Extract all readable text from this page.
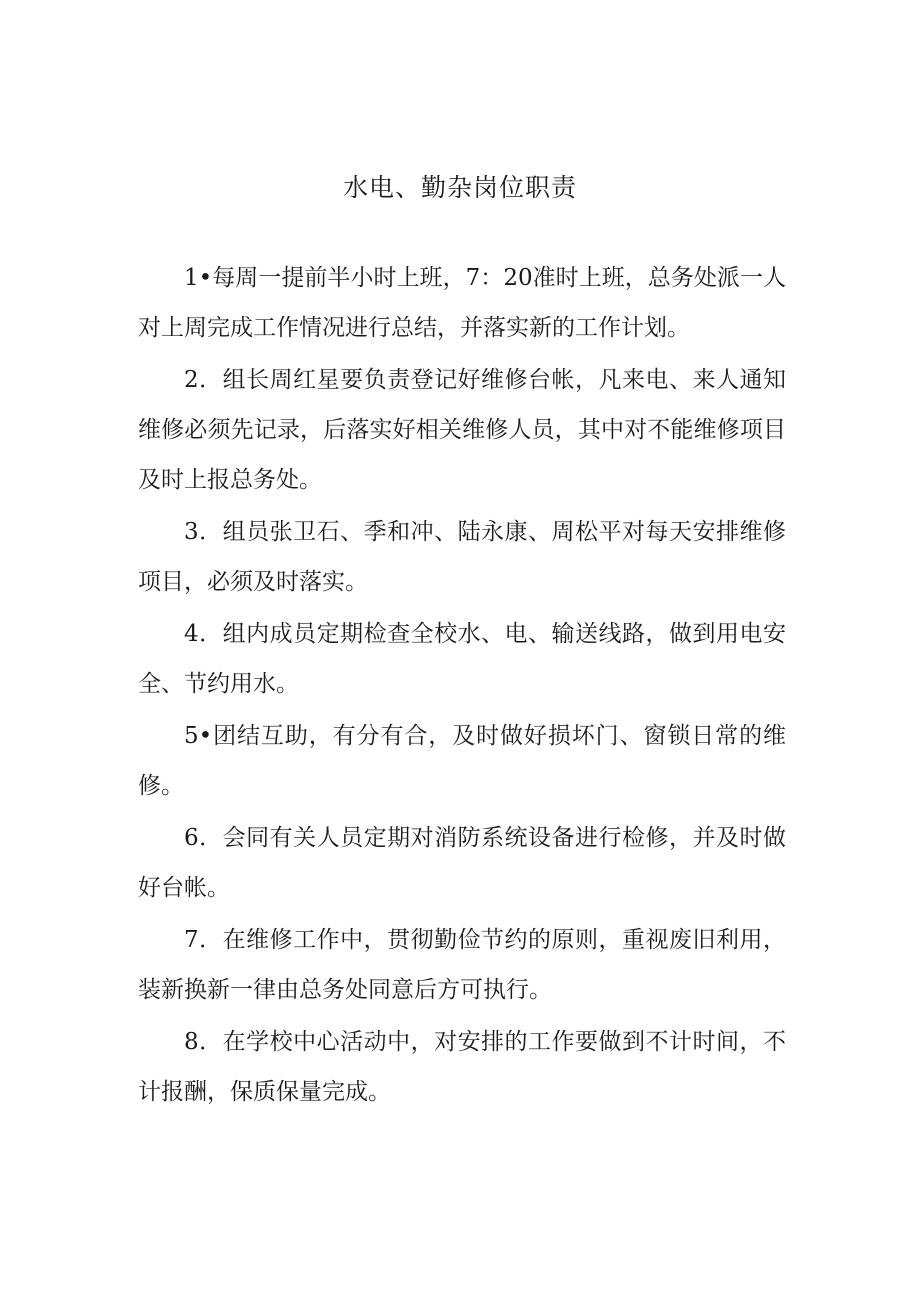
水电、勤杂岗位职责

1•每周一提前半小时上班，7：20准时上班，总务处派一人对上周完成工作情况进行总结，并落实新的工作计划。

2．组长周红星要负责登记好维修台帐，凡来电、来人通知维修必须先记录，后落实好相关维修人员，其中对不能维修项目及时上报总务处。

3．组员张卫石、季和冲、陆永康、周松平对每天安排维修项目，必须及时落实。

4．组内成员定期检查全校水、电、输送线路，做到用电安全、节约用水。

5•团结互助，有分有合，及时做好损坏门、窗锁日常的维修。

6．会同有关人员定期对消防系统设备进行检修，并及时做好台帐。

7．在维修工作中，贯彻勤俭节约的原则，重视废旧利用，装新换新一律由总务处同意后方可执行。

8．在学校中心活动中，对安排的工作要做到不计时间，不计报酬，保质保量完成。
